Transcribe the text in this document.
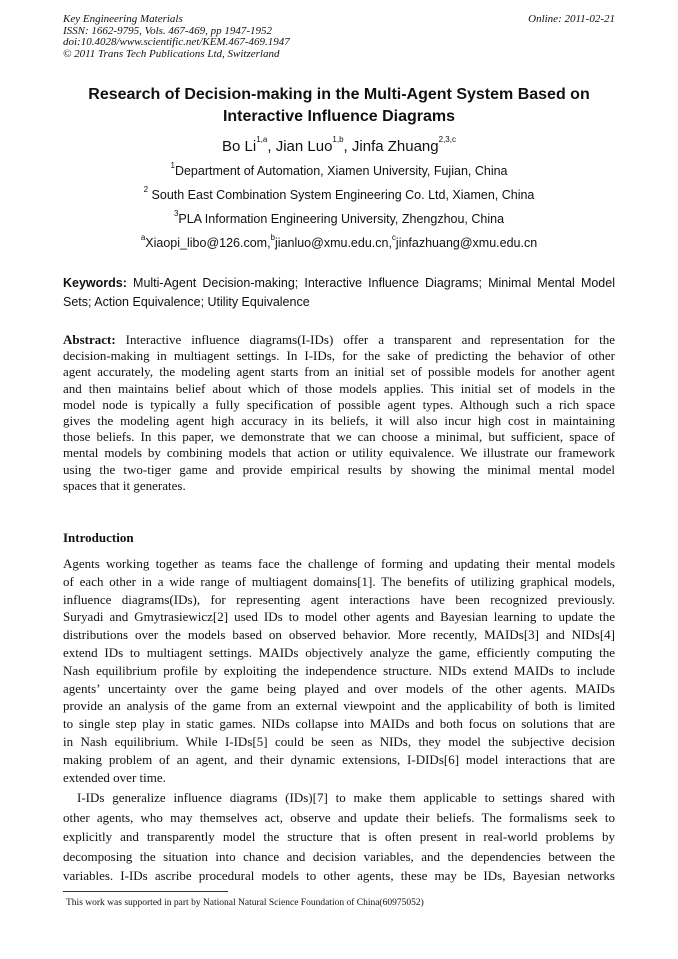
Key Engineering Materials
ISSN: 1662-9795, Vols. 467-469, pp 1947-1952
doi:10.4028/www.scientific.net/KEM.467-469.1947
© 2011 Trans Tech Publications Ltd, Switzerland
Online: 2011-02-21
Research of Decision-making in the Multi-Agent System Based on
Interactive Influence Diagrams
Bo Li$^{1,a}$, Jian Luo$^{1,b}$, Jinfa Zhuang$^{2,3,c}$
$^1$Department of Automation, Xiamen University, Fujian, China
$^2$ South East Combination System Engineering Co. Ltd, Xiamen, China
$^3$PLA Information Engineering University, Zhengzhou, China
$^a$Xiaopi_libo@126.com,$^b$jianluo@xmu.edu.cn,$^c$jinfazhuang@xmu.edu.cn
Keywords: Multi-Agent Decision-making; Interactive Influence Diagrams; Minimal Mental Model
Sets; Action Equivalence; Utility Equivalence
Abstract: Interactive influence diagrams(I-IDs) offer a transparent and representation for the
decision-making in multiagent settings. In I-IDs, for the sake of predicting the behavior of other
agent accurately, the modeling agent starts from an initial set of possible models for another agent
and then maintains belief about which of those models applies. This initial set of models in the
model node is typically a fully specification of possible agent types. Although such a rich space
gives the modeling agent high accuracy in its beliefs, it will also incur high cost in maintaining
those beliefs. In this paper, we demonstrate that we can choose a minimal, but sufficient, space of
mental models by combining models that action or utility equivalence. We illustrate our framework
using the two-tiger game and provide empirical results by showing the minimal mental model
spaces that it generates.
Introduction
Agents working together as teams face the challenge of forming and updating their mental models
of each other in a wide range of multiagent domains[1]. The benefits of utilizing graphical models,
influence diagrams(IDs), for representing agent interactions have been recognized previously.
Suryadi and Gmytrasiewicz[2] used IDs to model other agents and Bayesian learning to update the
distributions over the models based on observed behavior. More recently, MAIDs[3] and NIDs[4]
extend IDs to multiagent settings. MAIDs objectively analyze the game, efficiently computing the
Nash equilibrium profile by exploiting the independence structure. NIDs extend MAIDs to include
agents’ uncertainty over the game being played and over models of the other agents. MAIDs
provide an analysis of the game from an external viewpoint and the applicability of both is limited
to single step play in static games. NIDs collapse into MAIDs and both focus on solutions that are
in Nash equilibrium. While I-IDs[5] could be seen as NIDs, they model the subjective decision
making problem of an agent, and their dynamic extensions, I-DIDs[6] model interactions that are
extended over time.
I-IDs generalize influence diagrams (IDs)[7] to make them applicable to settings shared with
other agents, who may themselves act, observe and update their beliefs. The formalisms seek to
explicitly and transparently model the structure that is often present in real-world problems by
decomposing the situation into chance and decision variables, and the dependencies between the
variables. I-IDs ascribe procedural models to other agents, these may be IDs, Bayesian networks
This work was supported in part by National Natural Science Foundation of China(60975052)
